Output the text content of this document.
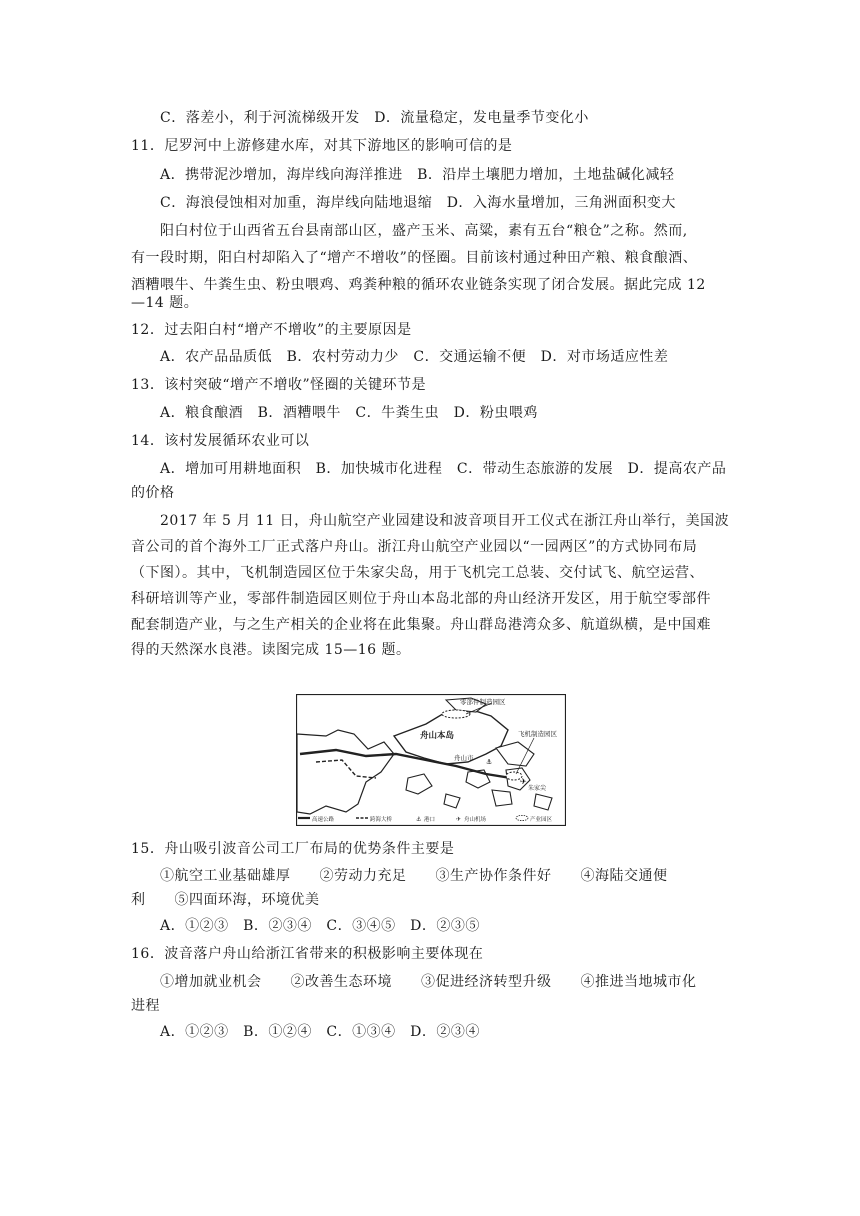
C．落差小，利于河流梯级开发　D．流量稳定，发电量季节变化小
11．尼罗河中上游修建水库，对其下游地区的影响可信的是
A．携带泥沙增加，海岸线向海洋推进　B．沿岸土壤肥力增加，土地盐碱化减轻
C．海浪侵蚀相对加重，海岸线向陆地退缩　D．入海水量增加，三角洲面积变大
阳白村位于山西省五台县南部山区，盛产玉米、高粱，素有五台“粮仓”之称。然而,
有一段时期，阳白村却陷入了“增产不增收”的怪圈。目前该村通过种田产粮、粮食酿酒、
酒糟喂牛、牛粪生虫、粉虫喂鸡、鸡粪种粮的循环农业链条实现了闭合发展。据此完成 12
—14 题。
12．过去阳白村“增产不增收”的主要原因是
A．农产品品质低　B．农村劳动力少　C．交通运输不便　D．对市场适应性差
13．该村突破“增产不增收”怪圈的关键环节是
A．粮食酿酒　B．酒糟喂牛　C．牛粪生虫　D．粉虫喂鸡
14．该村发展循环农业可以
A．增加可用耕地面积　B．加快城市化进程　C．带动生态旅游的发展　D．提高农产品
的价格
2017 年 5 月 11 日，舟山航空产业园建设和波音项目开工仪式在浙江舟山举行，美国波
音公司的首个海外工厂正式落户舟山。浙江舟山航空产业园以“一园两区”的方式协同布局
（下图）。其中，飞机制造园区位于朱家尖岛，用于飞机完工总装、交付试飞、航空运营、
科研培训等产业，零部件制造园区则位于舟山本岛北部的舟山经济开发区，用于航空零部件
配套制造产业，与之生产相关的企业将在此集聚。舟山群岛港湾众多、航道纵横，是中国难
得的天然深水良港。读图完成 15—16 题。
⚓
✈
零部件制造园区
舟山本岛	飞机制造园区
舟山市
朱家尖
高速公路	跨海大桥	⚓ 港口	✈ 舟山机场	产业园区
15．舟山吸引波音公司工厂布局的优势条件主要是
①航空工业基础雄厚　　②劳动力充足　　③生产协作条件好　　④海陆交通便
利　　⑤四面环海，环境优美
A．①②③　B．②③④　C．③④⑤　D．②③⑤
16．波音落户舟山给浙江省带来的积极影响主要体现在
①增加就业机会　　②改善生态环境　　③促进经济转型升级　　④推进当地城市化
进程
A．①②③　B．①②④　C．①③④　D．②③④
